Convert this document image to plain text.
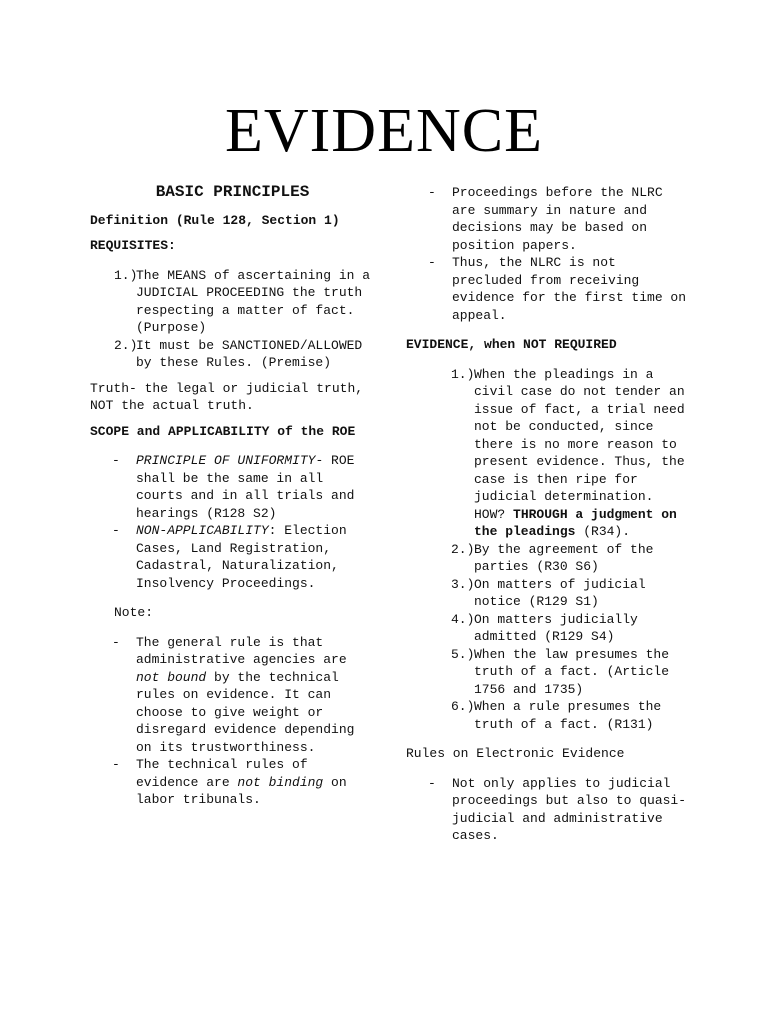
EVIDENCE

BASIC PRINCIPLES

Definition (Rule 128, Section 1)

REQUISITES:

1.)
The MEANS of ascertaining in a JUDICIAL PROCEEDING the truth respecting a matter of fact. (Purpose)
2.)
It must be SANCTIONED/ALLOWED by these Rules. (Premise)

Truth- the legal or judicial truth, NOT the actual truth.

SCOPE and APPLICABILITY of the ROE

- PRINCIPLE OF UNIFORMITY- ROE shall be the same in all courts and in all trials and hearings (R128 S2)
- NON-APPLICABILITY: Election Cases, Land Registration, Cadastral, Naturalization, Insolvency Proceedings.

Note:

- The general rule is that administrative agencies are not bound by the technical rules on evidence. It can choose to give weight or disregard evidence depending on its trustworthiness.
- The technical rules of evidence are not binding on labor tribunals.
- Proceedings before the NLRC are summary in nature and decisions may be based on position papers.
- Thus, the NLRC is not precluded from receiving evidence for the first time on appeal.

EVIDENCE, when NOT REQUIRED

1.) When the pleadings in a civil case do not tender an issue of fact, a trial need not be conducted, since there is no more reason to present evidence. Thus, the case is then ripe for judicial determination. HOW? THROUGH a judgment on the pleadings (R34).
2.) By the agreement of the parties (R30 S6)
3.) On matters of judicial notice (R129 S1)
4.) On matters judicially admitted (R129 S4)
5.) When the law presumes the truth of a fact. (Article 1756 and 1735)
6.) When a rule presumes the truth of a fact. (R131)

Rules on Electronic Evidence

- Not only applies to judicial proceedings but also to quasi-judicial and administrative cases.
